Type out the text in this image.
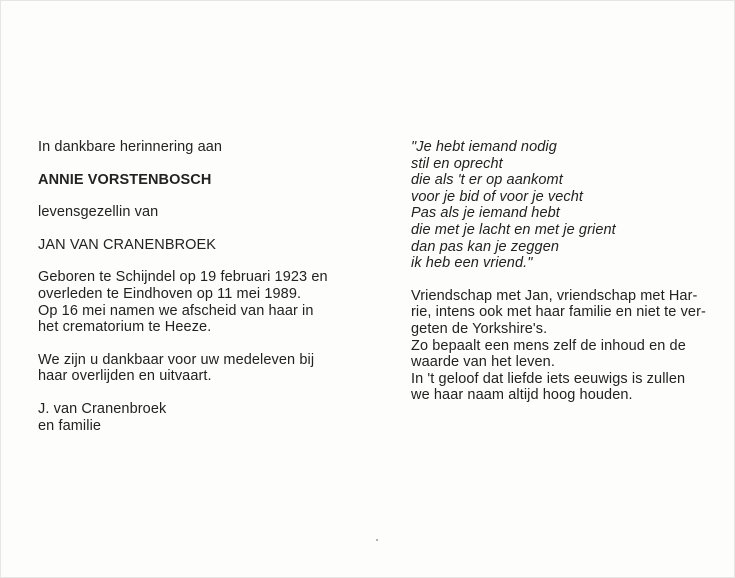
In dankbare herinnering aan
ANNIE VORSTENBOSCH
levensgezellin van
JAN VAN CRANENBROEK
Geboren te Schijndel op 19 februari 1923 en
overleden te Eindhoven op 11 mei 1989.
Op 16 mei namen we afscheid van haar in
het crematorium te Heeze.
We zijn u dankbaar voor uw medeleven bij
haar overlijden en uitvaart.
J. van Cranenbroek
en familie
"Je hebt iemand nodig
stil en oprecht
die als 't er op aankomt
voor je bid of voor je vecht
Pas als je iemand hebt
die met je lacht en met je grient
dan pas kan je zeggen
ik heb een vriend."
Vriendschap met Jan, vriendschap met Har-
rie, intens ook met haar familie en niet te ver-
geten de Yorkshire's.
Zo bepaalt een mens zelf de inhoud en de
waarde van het leven.
In 't geloof dat liefde iets eeuwigs is zullen
we haar naam altijd hoog houden.
